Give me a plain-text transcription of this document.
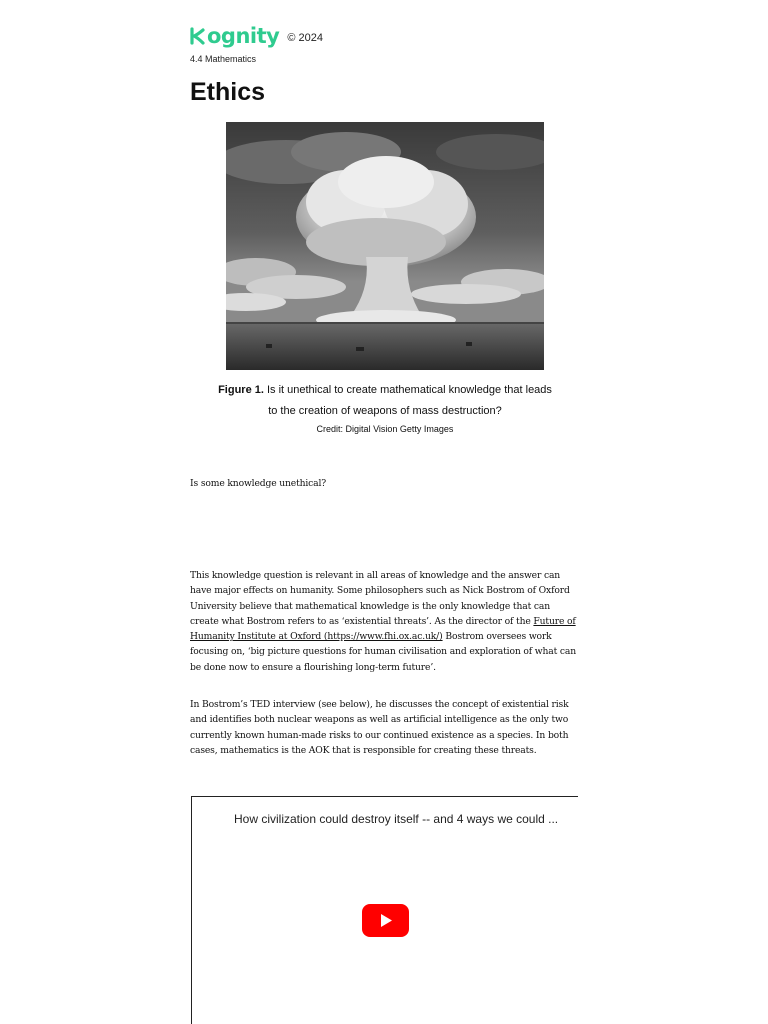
ognity © 2024
4.4 Mathematics
Ethics
Figure 1. Is it unethical to create mathematical knowledge that leads
to the creation of weapons of mass destruction?
Credit: Digital Vision Getty Images

Is some knowledge unethical?

This knowledge question is relevant in all areas of knowledge and the answer can have major effects on humanity. Some philosophers such as Nick Bostrom of Oxford University believe that mathematical knowledge is the only knowledge that can create what Bostrom refers to as ‘existential threats’. As the director of the Future of Humanity Institute at Oxford (https://www.fhi.ox.ac.uk/) Bostrom oversees work focusing on, ‘big picture questions for human civilisation and exploration of what can be done now to ensure a flourishing long-term future’.

In Bostrom’s TED interview (see below), he discusses the concept of existential risk and identifies both nuclear weapons as well as artificial intelligence as the only two currently known human-made risks to our continued existence as a species. In both cases, mathematics is the AOK that is responsible for creating these threats.

How civilization could destroy itself -- and 4 ways we could ...
